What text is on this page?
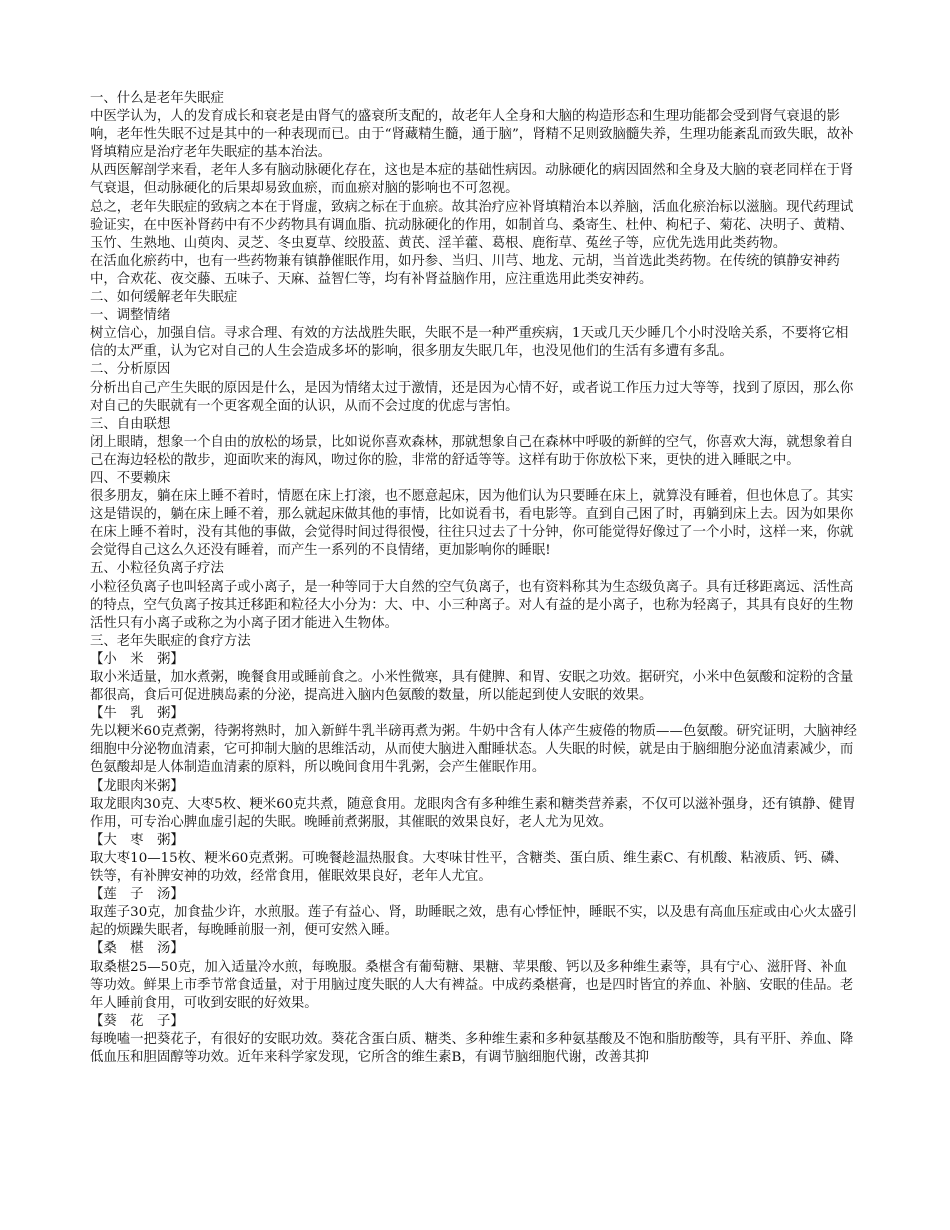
一、什么是老年失眠症

中医学认为，人的发育成长和衰老是由肾气的盛衰所支配的，故老年人全身和大脑的构造形态和生理功能都会受到肾气衰退的影响，老年性失眠不过是其中的一种表现而已。由于“肾藏精生髓，通于脑”，肾精不足则致脑髓失养，生理功能紊乱而致失眠，故补肾填精应是治疗老年失眠症的基本治法。

从西医解剖学来看，老年人多有脑动脉硬化存在，这也是本症的基础性病因。动脉硬化的病因固然和全身及大脑的衰老同样在于肾气衰退，但动脉硬化的后果却易致血瘀，而血瘀对脑的影响也不可忽视。

总之，老年失眠症的致病之本在于肾虚，致病之标在于血瘀。故其治疗应补肾填精治本以养脑，活血化瘀治标以滋脑。现代药理试验证实，在中医补肾药中有不少药物具有调血脂、抗动脉硬化的作用，如制首乌、桑寄生、杜仲、枸杞子、菊花、决明子、黄精、玉竹、生熟地、山萸肉、灵芝、冬虫夏草、绞股蓝、黄芪、淫羊藿、葛根、鹿衔草、菟丝子等，应优先选用此类药物。

在活血化瘀药中，也有一些药物兼有镇静催眠作用，如丹参、当归、川芎、地龙、元胡，当首选此类药物。在传统的镇静安神药中，合欢花、夜交藤、五味子、天麻、益智仁等，均有补肾益脑作用，应注重选用此类安神药。

二、如何缓解老年失眠症

一、调整情绪

树立信心，加强自信。寻求合理、有效的方法战胜失眠，失眠不是一种严重疾病，1天或几天少睡几个小时没啥关系，不要将它相信的太严重，认为它对自己的人生会造成多坏的影响，很多朋友失眠几年，也没见他们的生活有多遭有多乱。

二、分析原因

分析出自己产生失眠的原因是什么，是因为情绪太过于激情，还是因为心情不好，或者说工作压力过大等等，找到了原因，那么你对自己的失眠就有一个更客观全面的认识，从而不会过度的优虑与害怕。

三、自由联想

闭上眼睛，想象一个自由的放松的场景，比如说你喜欢森林，那就想象自己在森林中呼吸的新鲜的空气，你喜欢大海，就想象着自己在海边轻松的散步，迎面吹来的海风，吻过你的脸，非常的舒适等等。这样有助于你放松下来，更快的进入睡眠之中。

四、不要赖床

很多朋友，躺在床上睡不着时，情愿在床上打滚，也不愿意起床，因为他们认为只要睡在床上，就算没有睡着，但也休息了。其实这是错误的，躺在床上睡不着，那么就起床做其他的事情，比如说看书，看电影等。直到自己困了时，再躺到床上去。因为如果你在床上睡不着时，没有其他的事做，会觉得时间过得很慢，往往只过去了十分钟，你可能觉得好像过了一个小时，这样一来，你就会觉得自己这么久还没有睡着，而产生一系列的不良情绪，更加影响你的睡眠!

五、小粒径负离子疗法

小粒径负离子也叫轻离子或小离子，是一种等同于大自然的空气负离子，也有资料称其为生态级负离子。具有迁移距离远、活性高的特点，空气负离子按其迁移距和粒径大小分为：大、中、小三种离子。对人有益的是小离子，也称为轻离子，其具有良好的生物活性只有小离子或称之为小离子团才能进入生物体。

三、老年失眠症的食疗方法

【小　米　粥】

取小米适量，加水煮粥，晚餐食用或睡前食之。小米性微寒，具有健脾、和胃、安眠之功效。据研究，小米中色氨酸和淀粉的含量都很高，食后可促进胰岛素的分泌，提高进入脑内色氨酸的数量，所以能起到使人安眠的效果。

【牛　乳　粥】

先以粳米60克煮粥，待粥将熟时，加入新鲜牛乳半磅再煮为粥。牛奶中含有人体产生疲倦的物质——色氨酸。研究证明，大脑神经细胞中分泌物血清素，它可抑制大脑的思维活动，从而使大脑进入酣睡状态。人失眠的时候，就是由于脑细胞分泌血清素减少，而色氨酸却是人体制造血清素的原料，所以晚间食用牛乳粥，会产生催眠作用。

【龙眼肉米粥】

取龙眼肉30克、大枣5枚、粳米60克共煮，随意食用。龙眼肉含有多种维生素和糖类营养素，不仅可以滋补强身，还有镇静、健胃作用，可专治心脾血虚引起的失眠。晚睡前煮粥服，其催眠的效果良好，老人尤为见效。

【大　枣　粥】

取大枣10—15枚、粳米60克煮粥。可晚餐趁温热服食。大枣味甘性平，含糖类、蛋白质、维生素C、有机酸、粘液质、钙、磷、铁等，有补脾安神的功效，经常食用，催眠效果良好，老年人尤宜。

【莲　子　汤】

取莲子30克，加食盐少许，水煎服。莲子有益心、肾，助睡眠之效，患有心悸怔忡，睡眠不实，以及患有高血压症或由心火太盛引起的烦躁失眠者，每晚睡前服一剂，便可安然入睡。

【桑　椹　汤】

取桑椹25—50克，加入适量冷水煎，每晚服。桑椹含有葡萄糖、果糖、苹果酸、钙以及多种维生素等，具有宁心、滋肝肾、补血等功效。鲜果上市季节常食适量，对于用脑过度失眠的人大有裨益。中成药桑椹膏，也是四时皆宜的养血、补脑、安眠的佳品。老年人睡前食用，可收到安眠的好效果。

【葵　花　子】

每晚嗑一把葵花子，有很好的安眠功效。葵花含蛋白质、糖类、多种维生素和多种氨基酸及不饱和脂肪酸等，具有平肝、养血、降低血压和胆固醇等功效。近年来科学家发现，它所含的维生素B，有调节脑细胞代谢，改善其抑
